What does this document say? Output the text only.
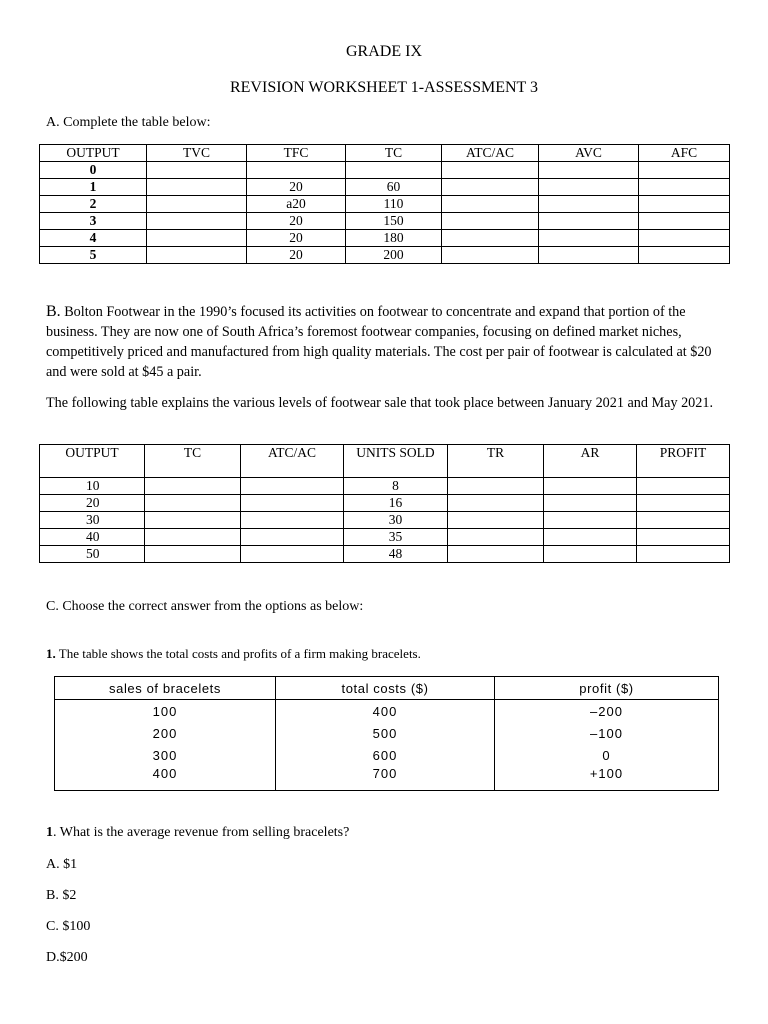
GRADE IX
REVISION WORKSHEET 1-ASSESSMENT 3
A. Complete the table below:
OUTPUT	TVC	TFC	TC	ATC/AC	AVC	AFC
0						
1		20	60			
2		a20	110			
3		20	150			
4		20	180			
5		20	200			
B. Bolton Footwear in the 1990’s focused its activities on footwear to concentrate and expand that portion of the business. They are now one of South Africa’s foremost footwear companies, focusing on defined market niches, competitively priced and manufactured from high quality materials. The cost per pair of footwear is calculated at $20 and were sold at $45 a pair.
The following table explains the various levels of footwear sale that took place between January 2021 and May 2021.
OUTPUT	TC	ATC/AC	UNITS SOLD	TR	AR	PROFIT
10			8			
20			16			
30			30			
40			35			
50			48			
C. Choose the correct answer from the options as below:
1. The table shows the total costs and profits of a firm making bracelets.
sales of bracelets	total costs ($)	profit ($)
100	400	–200
200	500	–100
300	600	0
400	700	+100
1. What is the average revenue from selling bracelets?
A. $1
B. $2
C. $100
D.$200
